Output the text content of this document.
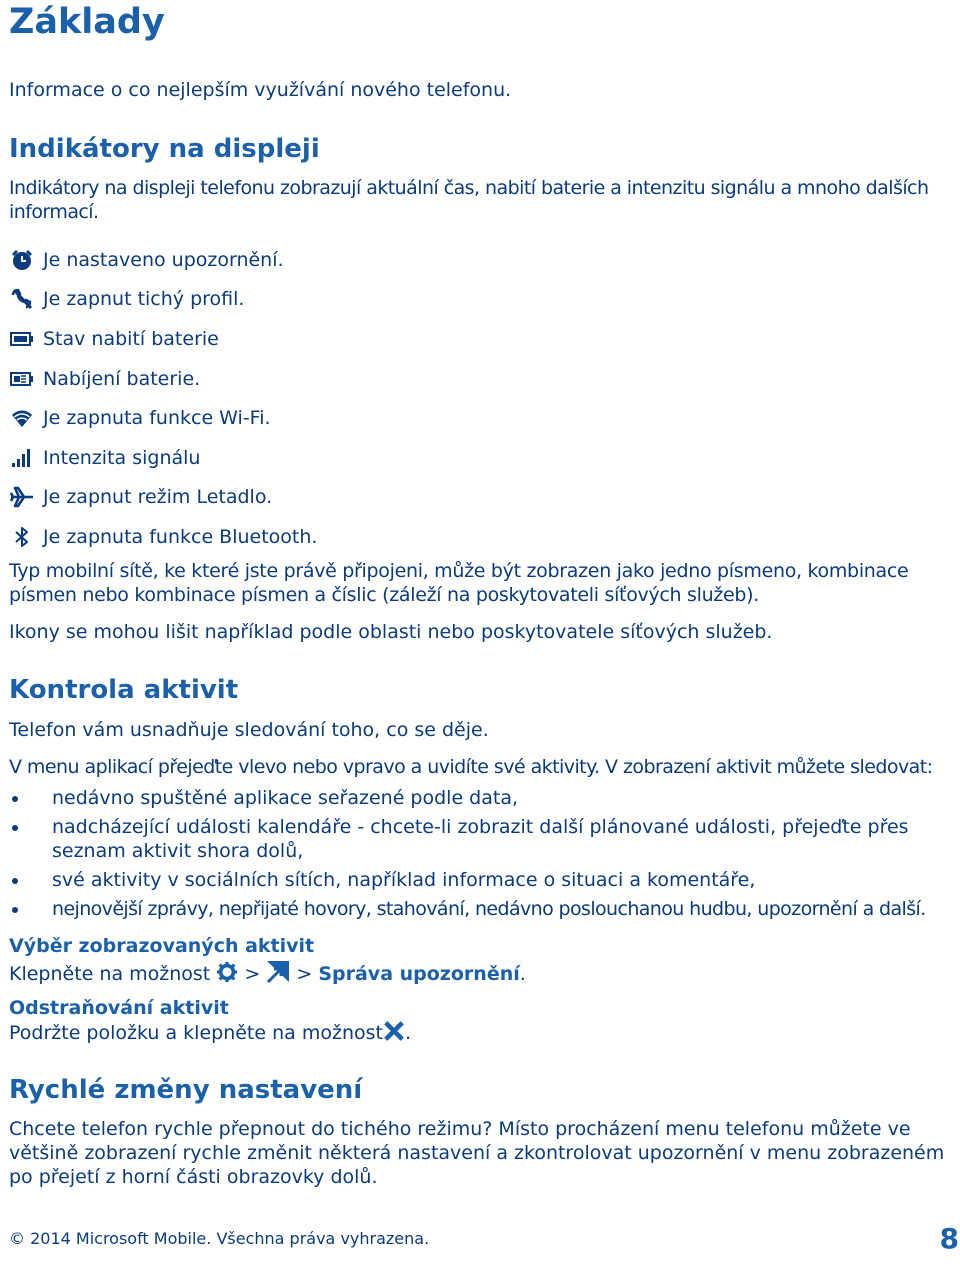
Základy

Informace o co nejlepším využívání nového telefonu.

Indikátory na displeji

Indikátory na displeji telefonu zobrazují aktuální čas, nabití baterie a intenzitu signálu a mnoho dalších informací.

Je nastaveno upozornění.
Je zapnut tichý profil.
Stav nabití baterie
Nabíjení baterie.
Je zapnuta funkce Wi-Fi.
Intenzita signálu
Je zapnut režim Letadlo.
Je zapnuta funkce Bluetooth.

Typ mobilní sítě, ke které jste právě připojeni, může být zobrazen jako jedno písmeno, kombinace písmen nebo kombinace písmen a číslic (záleží na poskytovateli síťových služeb).

Ikony se mohou lišit například podle oblasti nebo poskytovatele síťových služeb.

Kontrola aktivit

Telefon vám usnadňuje sledování toho, co se děje.

V menu aplikací přejeďte vlevo nebo vpravo a uvidíte své aktivity. V zobrazení aktivit můžete sledovat:

nedávno spuštěné aplikace seřazené podle data,
nadcházející události kalendáře - chcete-li zobrazit další plánované události, přejeďte přes seznam aktivit shora dolů,
své aktivity v sociálních sítích, například informace o situaci a komentáře,
nejnovější zprávy, nepřijaté hovory, stahování, nedávno poslouchanou hudbu, upozornění a další.
Výběr zobrazovaných aktivit

Klepněte na možnost > > Správa upozornění.

Odstraňování aktivit

Podržte položku a klepněte na možnost .

Rychlé změny nastavení

Chcete telefon rychle přepnout do tichého režimu? Místo procházení menu telefonu můžete ve většině zobrazení rychle změnit některá nastavení a zkontrolovat upozornění v menu zobrazeném po přejetí z horní části obrazovky dolů.

© 2014 Microsoft Mobile. Všechna práva vyhrazena.	8
